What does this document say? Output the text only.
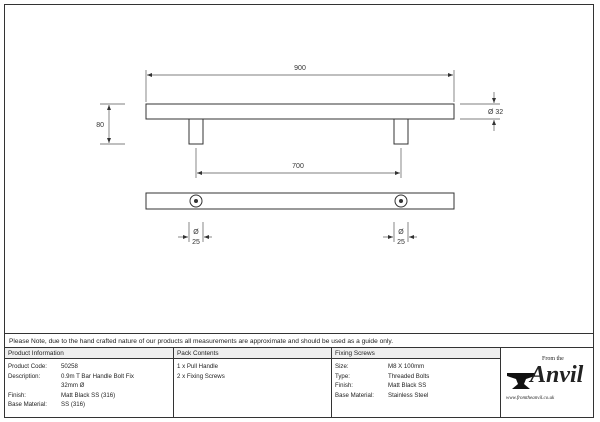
900
700
80
Ø 32
Ø
25
Ø
25
Please Note, due to the hand crafted nature of our products all measurements are approximate and should be used as a guide only.
Product Information
Product Code: 50258
Description:	0.9m T Bar Handle Bolt Fix
32mm Ø
Finish:	Matt Black SS (316)
Base Material: SS (316)
Pack Contents
1 x Pull Handle
2 x Fixing Screws
Fixing Screws
Size:	M8 X 100mm
Type:	Threaded Bolts
Finish:	Matt Black SS
Base Material: Stainless Steel
From the
Anvil
www.fromtheanvil.co.uk
